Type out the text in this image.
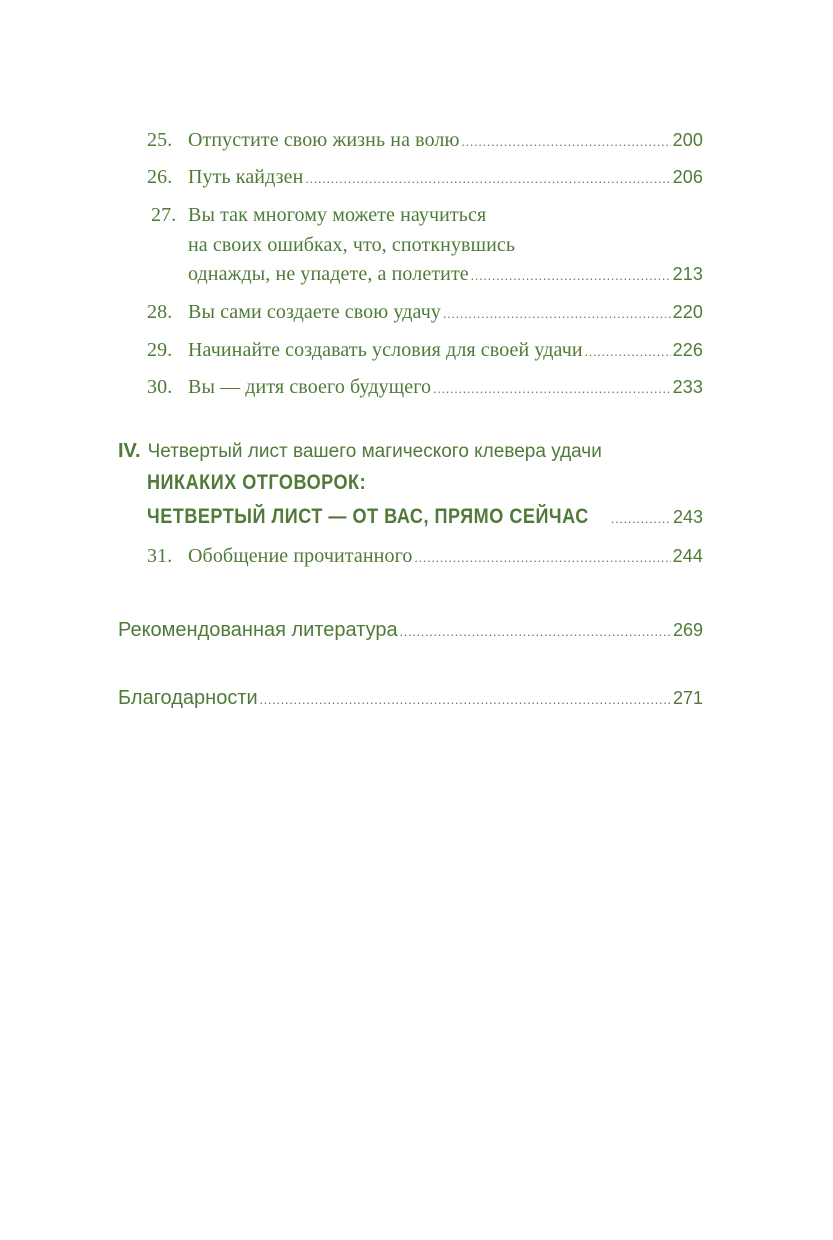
25. Отпустите свою жизнь на волю .....	200
26. Путь кайдзен .....	206
27. Вы так многому можете научиться
на своих ошибках, что, споткнувшись
однажды, не упадете, а полетите .....	213
28. Вы сами создаете свою удачу .....	220
29. Начинайте создавать условия для своей удачи .....	226
30. Вы — дитя своего будущего .....	233
IV. Четвертый лист вашего магического клевера удачи
НИКАКИХ ОТГОВОРОК:
ЧЕТВЕРТЫЙ ЛИСТ — ОТ ВАС, ПРЯМО СЕЙЧАС .....	243
31. Обобщение прочитанного .....	244
Рекомендованная литература .....	269
Благодарности .....	271
